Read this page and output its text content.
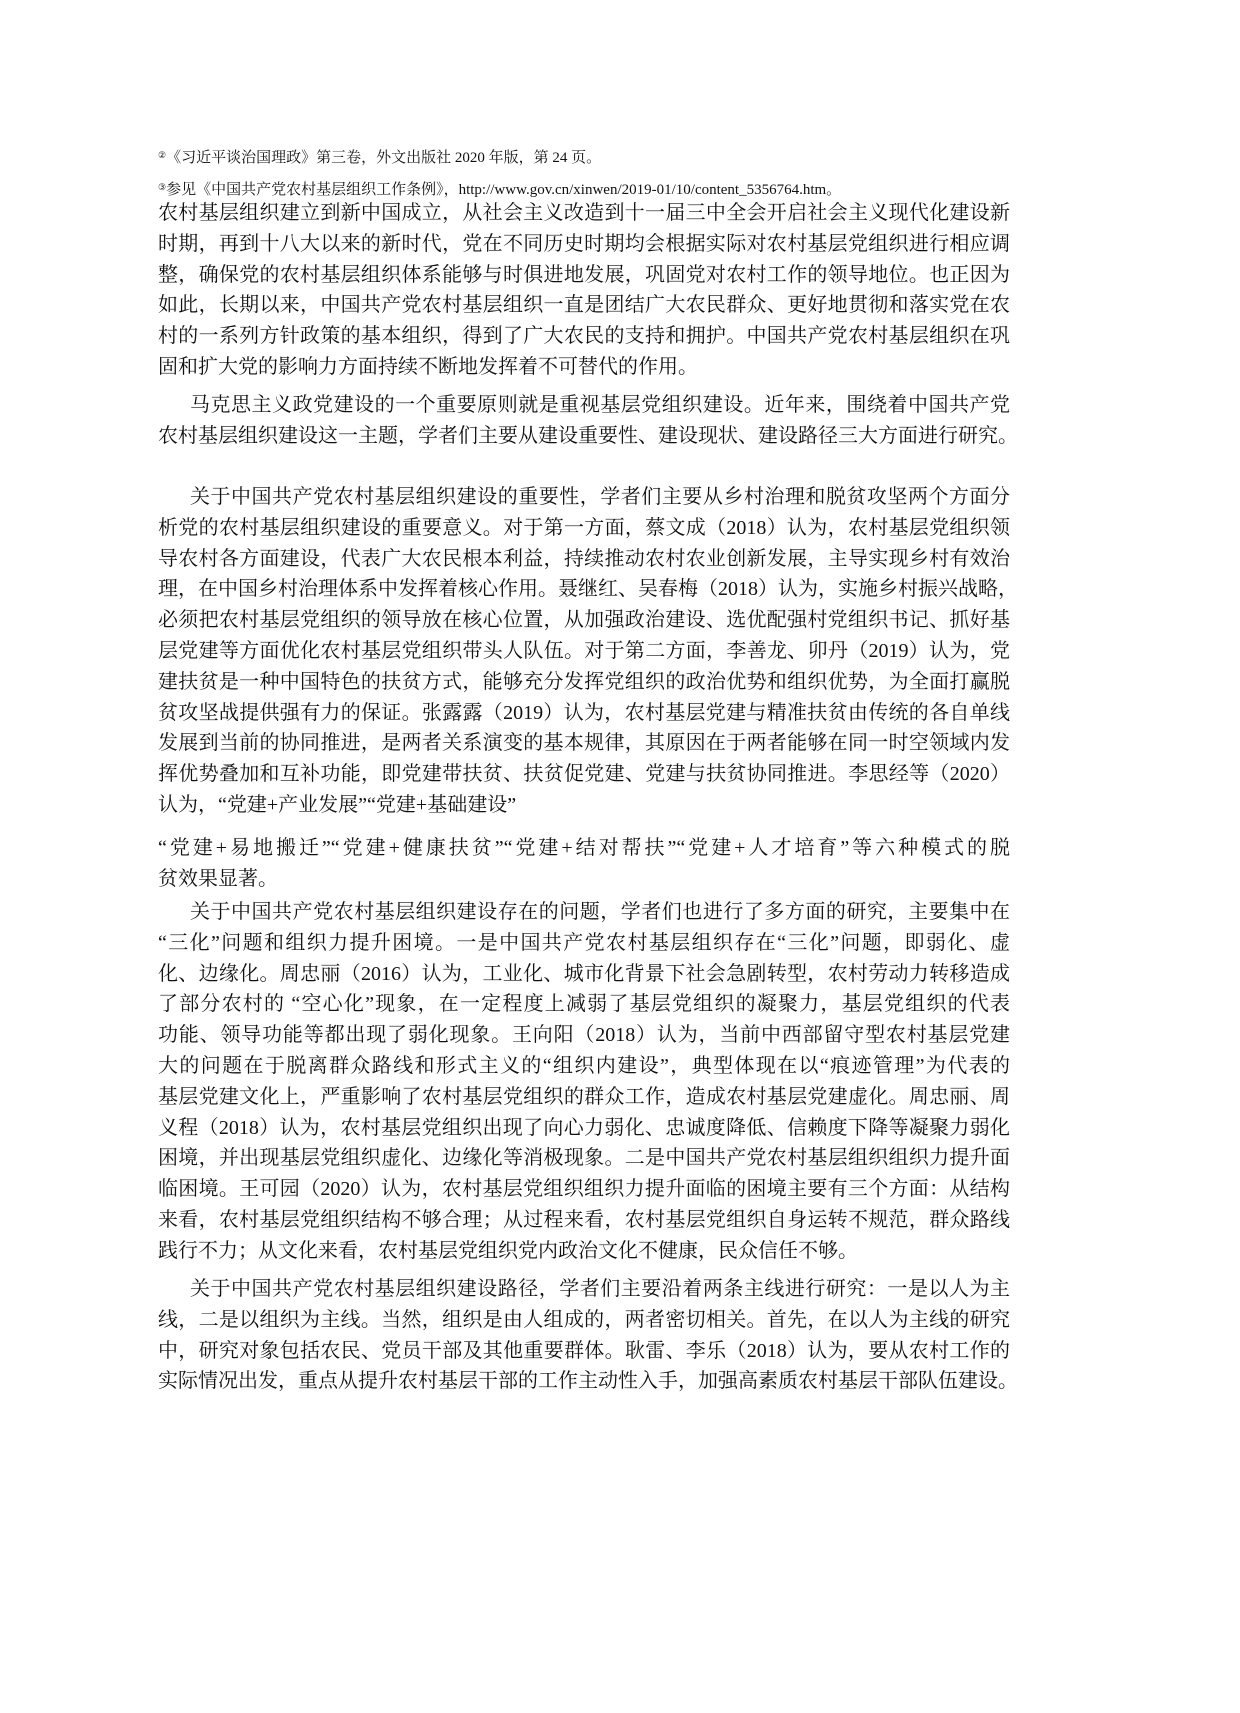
②《习近平谈治国理政》第三卷，外文出版社 2020 年版，第 24 页。
③参见《中国共产党农村基层组织工作条例》，http://www.gov.cn/xinwen/2019-01/10/content_5356764.htm。
农村基层组织建立到新中国成立，从社会主义改造到十一届三中全会开启社会主义现代化建设新
时期，再到十八大以来的新时代，党在不同历史时期均会根据实际对农村基层党组织进行相应调
整，确保党的农村基层组织体系能够与时俱进地发展，巩固党对农村工作的领导地位。也正因为
如此，长期以来，中国共产党农村基层组织一直是团结广大农民群众、更好地贯彻和落实党在农
村的一系列方针政策的基本组织，得到了广大农民的支持和拥护。中国共产党农村基层组织在巩
固和扩大党的影响力方面持续不断地发挥着不可替代的作用。
马克思主义政党建设的一个重要原则就是重视基层党组织建设。近年来，围绕着中国共产党
农村基层组织建设这一主题，学者们主要从建设重要性、建设现状、建设路径三大方面进行研究。
关于中国共产党农村基层组织建设的重要性，学者们主要从乡村治理和脱贫攻坚两个方面分
析党的农村基层组织建设的重要意义。对于第一方面，蔡文成（2018）认为，农村基层党组织领
导农村各方面建设，代表广大农民根本利益，持续推动农村农业创新发展，主导实现乡村有效治
理，在中国乡村治理体系中发挥着核心作用。聂继红、吴春梅（2018）认为，实施乡村振兴战略，
必须把农村基层党组织的领导放在核心位置，从加强政治建设、选优配强村党组织书记、抓好基
层党建等方面优化农村基层党组织带头人队伍。对于第二方面，李善龙、卯丹（2019）认为，党
建扶贫是一种中国特色的扶贫方式，能够充分发挥党组织的政治优势和组织优势，为全面打赢脱
贫攻坚战提供强有力的保证。张露露（2019）认为，农村基层党建与精准扶贫由传统的各自单线
发展到当前的协同推进，是两者关系演变的基本规律，其原因在于两者能够在同一时空领域内发
挥优势叠加和互补功能，即党建带扶贫、扶贫促党建、党建与扶贫协同推进。李思经等（2020）
认为，“党建+产业发展”“党建+基础建设”
“党建+易地搬迁”“党建+健康扶贫”“党建+结对帮扶”“党建+人才培育”等六种模式的脱
贫效果显著。
关于中国共产党农村基层组织建设存在的问题，学者们也进行了多方面的研究，主要集中在
“三化”问题和组织力提升困境。一是中国共产党农村基层组织存在“三化”问题，即弱化、虚
化、边缘化。周忠丽（2016）认为，工业化、城市化背景下社会急剧转型，农村劳动力转移造成
了部分农村的 “空心化”现象，在一定程度上减弱了基层党组织的凝聚力，基层党组织的代表
功能、领导功能等都出现了弱化现象。王向阳（2018）认为，当前中西部留守型农村基层党建
大的问题在于脱离群众路线和形式主义的“组织内建设”，典型体现在以“痕迹管理”为代表的
基层党建文化上，严重影响了农村基层党组织的群众工作，造成农村基层党建虚化。周忠丽、周
义程（2018）认为，农村基层党组织出现了向心力弱化、忠诚度降低、信赖度下降等凝聚力弱化
困境，并出现基层党组织虚化、边缘化等消极现象。二是中国共产党农村基层组织组织力提升面
临困境。王可园（2020）认为，农村基层党组织组织力提升面临的困境主要有三个方面：从结构
来看，农村基层党组织结构不够合理；从过程来看，农村基层党组织自身运转不规范，群众路线
践行不力；从文化来看，农村基层党组织党内政治文化不健康，民众信任不够。
关于中国共产党农村基层组织建设路径，学者们主要沿着两条主线进行研究：一是以人为主
线，二是以组织为主线。当然，组织是由人组成的，两者密切相关。首先，在以人为主线的研究
中，研究对象包括农民、党员干部及其他重要群体。耿雷、李乐（2018）认为，要从农村工作的
实际情况出发，重点从提升农村基层干部的工作主动性入手，加强高素质农村基层干部队伍建设。
